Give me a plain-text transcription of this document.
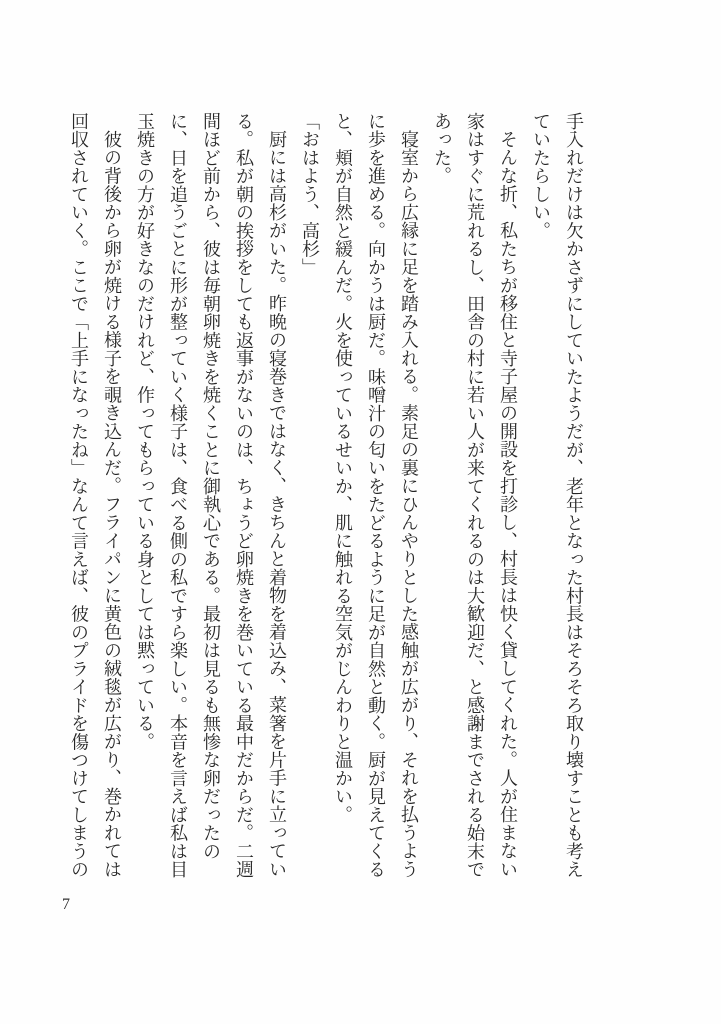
手入れだけは欠かさずにしていたようだが、老年となった村長はそろそろ取り壊すことも考えていたらしい。

そんな折、私たちが移住と寺子屋の開設を打診し、村長は快く貸してくれた。人が住まない家はすぐに荒れるし、田舎の村に若い人が来てくれるのは大歓迎だ、と感謝までされる始末であった。

寝室から広縁に足を踏み入れる。素足の裏にひんやりとした感触が広がり、それを払うように歩を進める。向かうは厨だ。味噌汁の匂いをたどるように足が自然と動く。厨が見えてくると、頬が自然と緩んだ。火を使っているせいか、肌に触れる空気がじんわりと温かい。

「おはよう、高杉」

厨には高杉がいた。昨晩の寝巻きではなく、きちんと着物を着込み、菜箸を片手に立っている。私が朝の挨拶をしても返事がないのは、ちょうど卵焼きを巻いている最中だからだ。二週間ほど前から、彼は毎朝卵焼きを焼くことに御執心である。最初は見るも無惨な卵だったのに、日を追うごとに形が整っていく様子は、食べる側の私ですら楽しい。本音を言えば私は目玉焼きの方が好きなのだけれど、作ってもらっている身としては黙っている。

彼の背後から卵が焼ける様子を覗き込んだ。フライパンに黄色の絨毯が広がり、巻かれては回収されていく。ここで「上手になったね」なんて言えば、彼のプライドを傷つけてしまうの

7
